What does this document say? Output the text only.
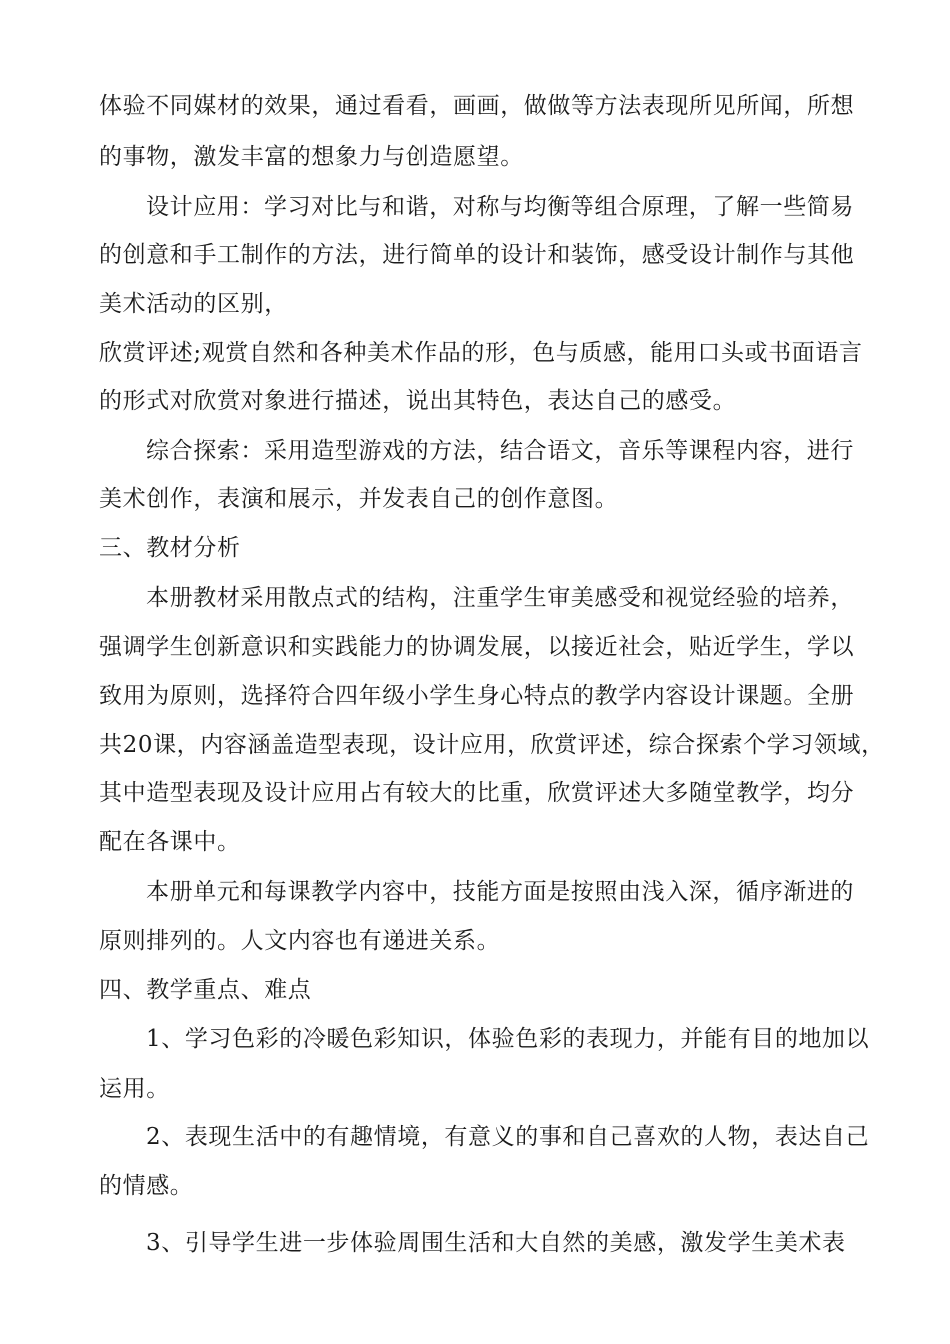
体验不同媒材的效果，通过看看，画画，做做等方法表现所见所闻，所想
的事物，激发丰富的想象力与创造愿望。
设计应用：学习对比与和谐，对称与均衡等组合原理，了解一些简易
的创意和手工制作的方法，进行简单的设计和装饰，感受设计制作与其他
美术活动的区别，
欣赏评述;观赏自然和各种美术作品的形，色与质感，能用口头或书面语言
的形式对欣赏对象进行描述，说出其特色，表达自己的感受。
综合探索：采用造型游戏的方法，结合语文，音乐等课程内容，进行
美术创作，表演和展示，并发表自己的创作意图。
三、教材分析
本册教材采用散点式的结构，注重学生审美感受和视觉经验的培养，
强调学生创新意识和实践能力的协调发展，以接近社会，贴近学生，学以
致用为原则，选择符合四年级小学生身心特点的教学内容设计课题。全册
共20课，内容涵盖造型表现，设计应用，欣赏评述，综合探索个学习领域，
其中造型表现及设计应用占有较大的比重，欣赏评述大多随堂教学，均分
配在各课中。
本册单元和每课教学内容中，技能方面是按照由浅入深，循序渐进的
原则排列的。人文内容也有递进关系。
四、教学重点、难点
1、学习色彩的冷暖色彩知识，体验色彩的表现力，并能有目的地加以
运用。
2、表现生活中的有趣情境，有意义的事和自己喜欢的人物，表达自己
的情感。
3、引导学生进一步体验周围生活和大自然的美感，激发学生美术表
